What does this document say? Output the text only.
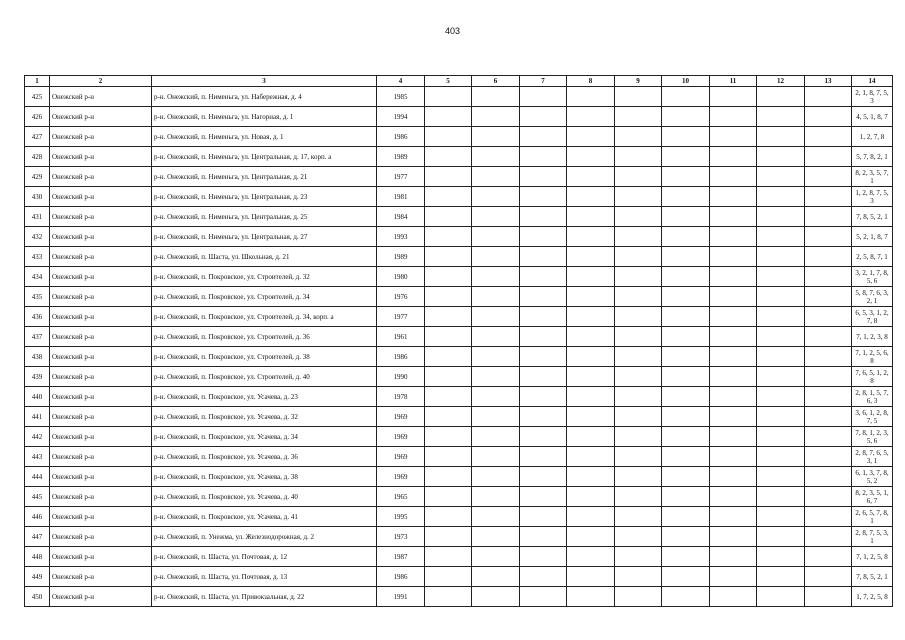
403
1	2	3	4	5	6	7	8	9	10	11	12	13	14
425	Онежский р-н	р-н. Онежский, п. Нименьга, ул. Набережная, д. 4	1985										2, 1, 8, 7, 5, 3
426	Онежский р-н	р-н. Онежский, п. Нименьга, ул. Нагорная, д. 1	1994										4, 5, 1, 8, 7
427	Онежский р-н	р-н. Онежский, п. Нименьга, ул. Новая, д. 1	1986										1, 2, 7, 8
428	Онежский р-н	р-н. Онежский, п. Нименьга, ул. Центральная, д. 17, корп. а	1989										5, 7, 8, 2, 1
429	Онежский р-н	р-н. Онежский, п. Нименьга, ул. Центральная, д. 21	1977										8, 2, 3, 5, 7, 1
430	Онежский р-н	р-н. Онежский, п. Нименьга, ул. Центральная, д. 23	1981										1, 2, 8, 7, 5, 3
431	Онежский р-н	р-н. Онежский, п. Нименьга, ул. Центральная, д. 25	1984										7, 8, 5, 2, 1
432	Онежский р-н	р-н. Онежский, п. Нименьга, ул. Центральная, д. 27	1993										5, 2, 1, 8, 7
433	Онежский р-н	р-н. Онежский, п. Шаста, ул. Школьная, д. 21	1989										2, 5, 8, 7, 1
434	Онежский р-н	р-н. Онежский, п. Покровское, ул. Строителей, д. 32	1980										3, 2, 1, 7, 8, 5, 6
435	Онежский р-н	р-н. Онежский, п. Покровское, ул. Строителей, д. 34	1976										5, 8, 7, 6, 3, 2, 1
436	Онежский р-н	р-н. Онежский, п. Покровское, ул. Строителей, д. 34, корп. а	1977										6, 5, 3, 1, 2, 7, 8
437	Онежский р-н	р-н. Онежский, п. Покровское, ул. Строителей, д. 36	1961										7, 1, 2, 3, 8
438	Онежский р-н	р-н. Онежский, п. Покровское, ул. Строителей, д. 38	1986										7, 1, 2, 5, 6, 8
439	Онежский р-н	р-н. Онежский, п. Покровское, ул. Строителей, д. 40	1990										7, 6, 5, 1, 2, 8
440	Онежский р-н	р-н. Онежский, п. Покровское, ул. Усачева, д. 23	1978										2, 8, 1, 5, 7, 6, 3
441	Онежский р-н	р-н. Онежский, п. Покровское, ул. Усачева, д. 32	1969										3, 6, 1, 2, 8, 7, 5
442	Онежский р-н	р-н. Онежский, п. Покровское, ул. Усачева, д. 34	1969										7, 8, 1, 2, 3, 5, 6
443	Онежский р-н	р-н. Онежский, п. Покровское, ул. Усачева, д. 36	1969										2, 8, 7, 6, 5, 3, 1
444	Онежский р-н	р-н. Онежский, п. Покровское, ул. Усачева, д. 38	1969										6, 1, 3, 7, 8, 5, 2
445	Онежский р-н	р-н. Онежский, п. Покровское, ул. Усачева, д. 40	1965										8, 2, 3, 5, 1, 6, 7
446	Онежский р-н	р-н. Онежский, п. Покровское, ул. Усачева, д. 41	1995										2, 6, 5, 7, 8, 1
447	Онежский р-н	р-н. Онежский, п. Унежма, ул. Железнодорожная, д. 2	1973										2, 8, 7, 5, 3, 1
448	Онежский р-н	р-н. Онежский, п. Шаста, ул. Почтовая, д. 12	1987										7, 1, 2, 5, 8
449	Онежский р-н	р-н. Онежский, п. Шаста, ул. Почтовая, д. 13	1986										7, 8, 5, 2, 1
450	Онежский р-н	р-н. Онежский, п. Шаста, ул. Привокзальная, д. 22	1991										1, 7, 2, 5, 8
